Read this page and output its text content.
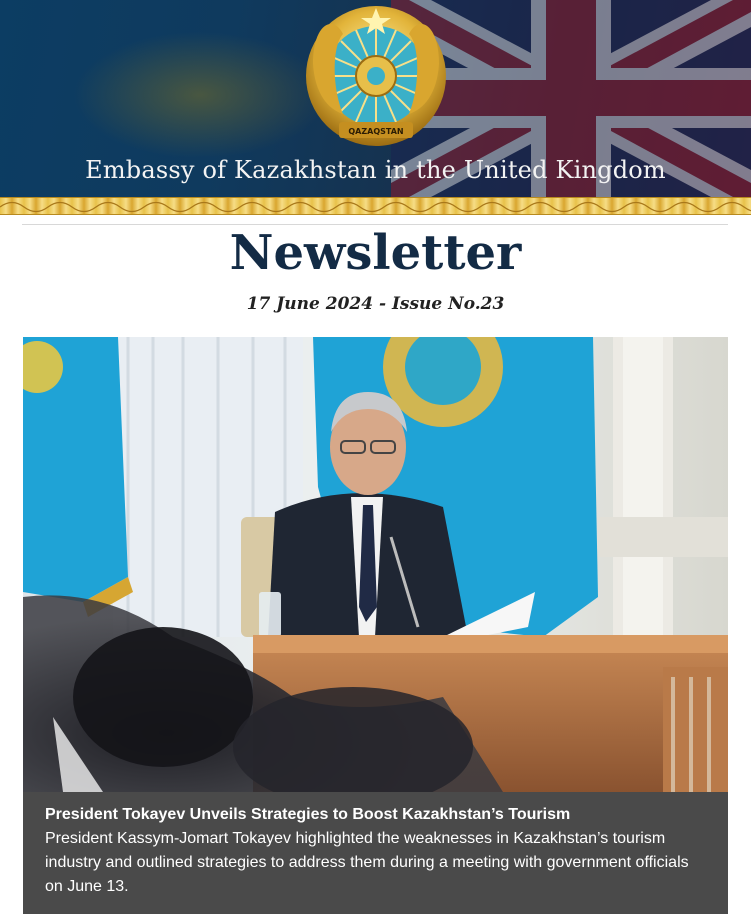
QAZAQSTAN
Embassy of Kazakhstan in the United Kingdom
Newsletter
17 June 2024 - Issue No.23
President Tokayev Unveils Strategies to Boost Kazakhstan’s Tourism
President Kassym-Jomart Tokayev highlighted the weaknesses in Kazakhstan’s tourism industry and outlined strategies to address them during a meeting with government officials on June 13.
